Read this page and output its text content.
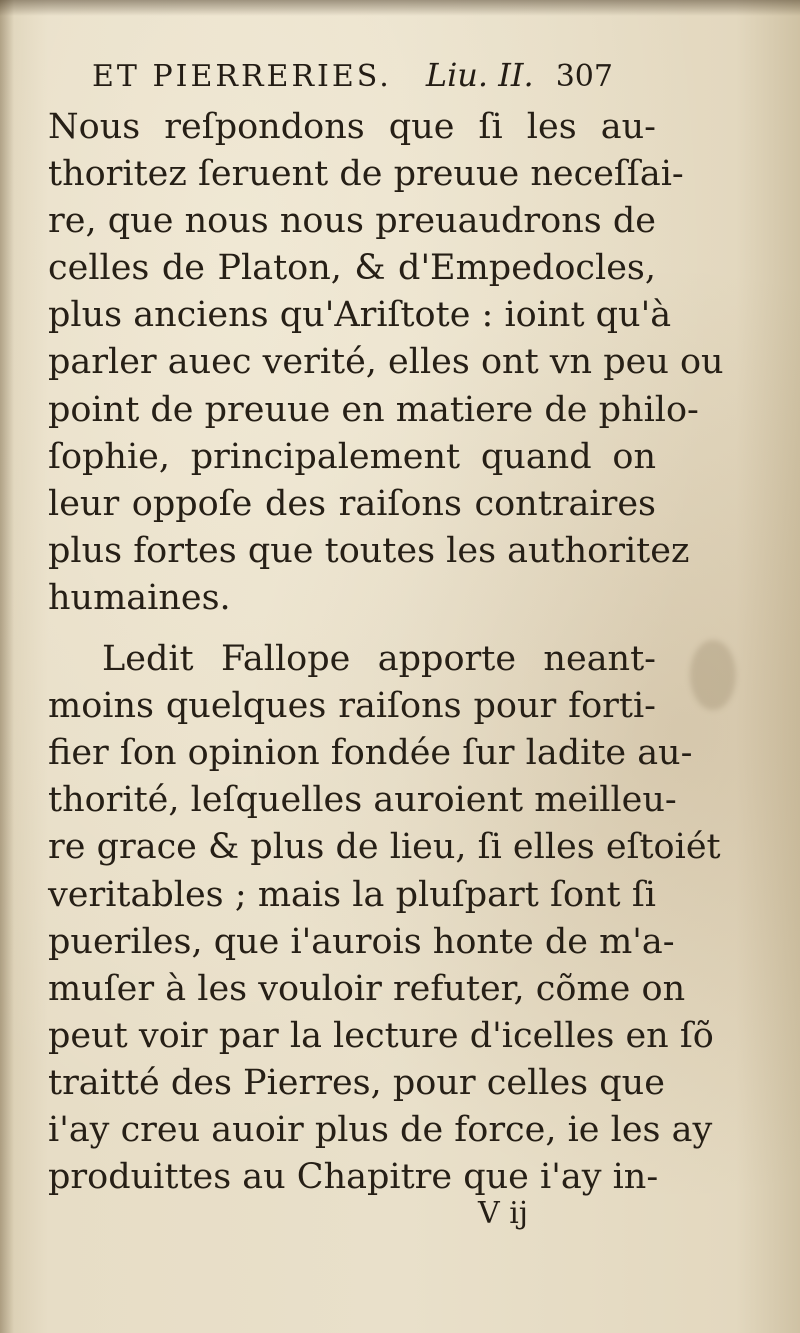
ET PIERRERIES. Liu. II. 307
Nous reſpondons que ſi les au-
thoritez ſeruent de preuue neceſſai-
re, que nous nous preuaudrons de
celles de Platon, & d'Empedocles,
plus anciens qu'Ariſtote : ioint qu'à
parler auec verité, elles ont vn peu ou
point de preuue en matiere de philo-
ſophie, principalement quand on
leur oppoſe des raiſons contraires
plus fortes que toutes les authoritez
humaines.
Ledit Fallope apporte neant-
moins quelques raiſons pour forti-
fier ſon opinion fondée ſur ladite au-
thorité, leſquelles auroient meilleu-
re grace & plus de lieu, ſi elles eſtoiét
veritables ; mais la pluſpart ſont ſi
pueriles, que i'aurois honte de m'a-
muſer à les vouloir refuter, cõme on
peut voir par la lecture d'icelles en ſõ
traitté des Pierres, pour celles que
i'ay creu auoir plus de force, ie les ay
produittes au Chapitre que i'ay in-
V ij
